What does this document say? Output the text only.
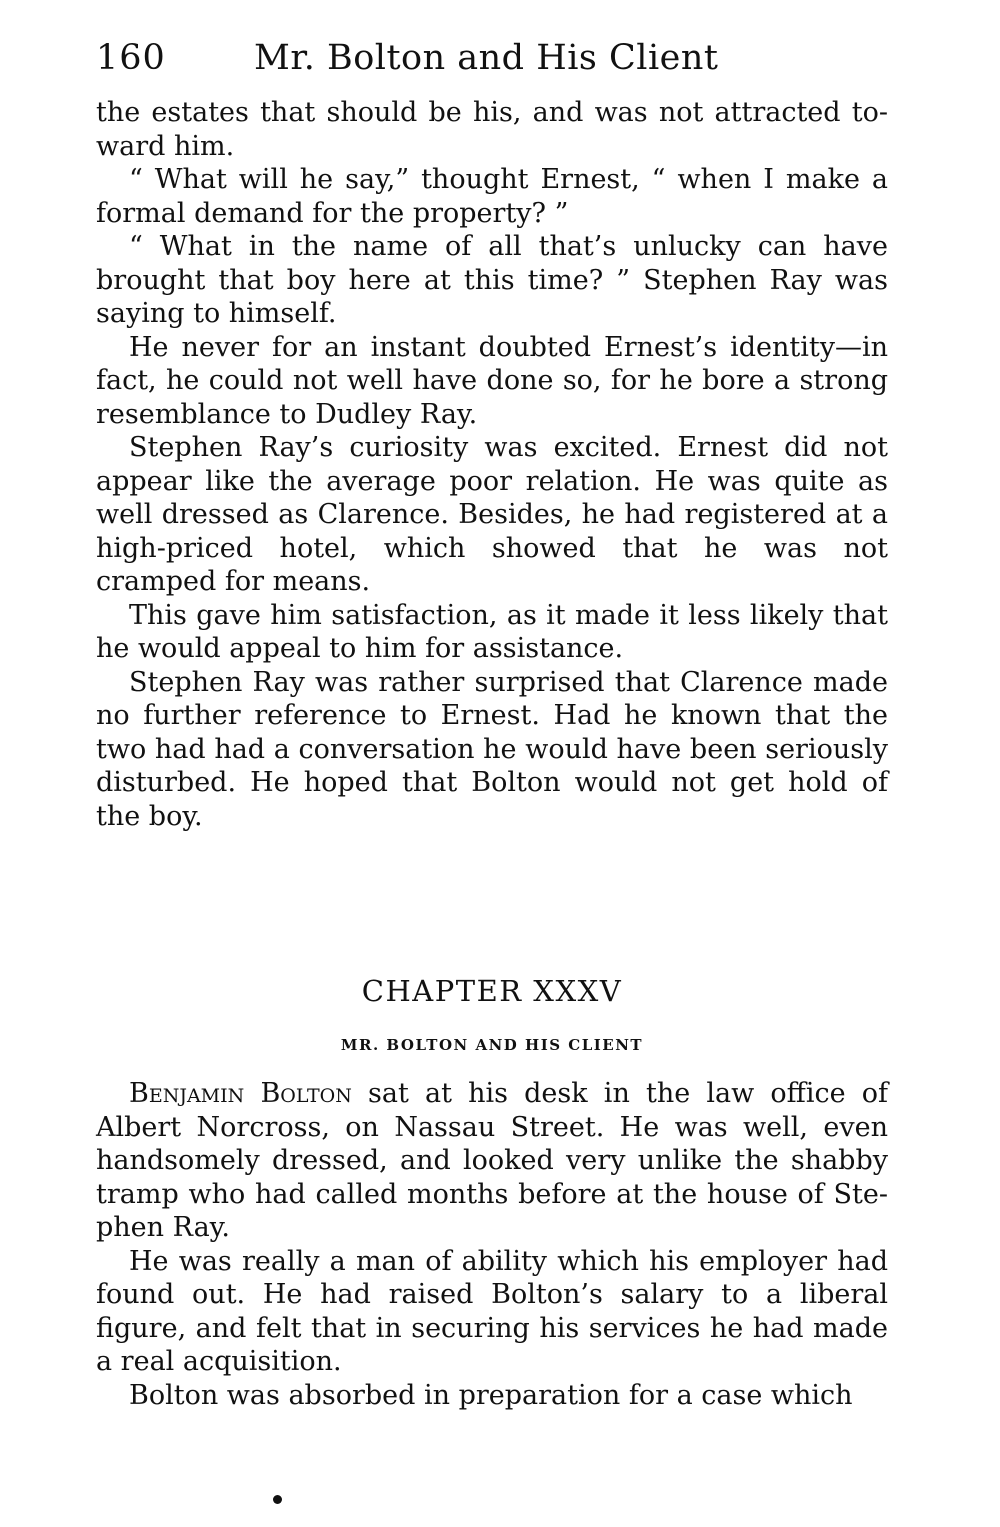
160	Mr. Bolton and His Client

the estates that should be his, and was not attracted to- ward him.

“ What will he say,” thought Ernest, “ when I make a formal demand for the property? ”

“ What in the name of all that’s unlucky can have brought that boy here at this time? ” Stephen Ray was saying to himself.

He never for an instant doubted Ernest’s identity—in fact, he could not well have done so, for he bore a strong resemblance to Dudley Ray.

Stephen Ray’s curiosity was excited. Ernest did not appear like the average poor relation. He was quite as well dressed as Clarence. Besides, he had registered at a high-priced hotel, which showed that he was not cramped for means.

This gave him satisfaction, as it made it less likely that he would appeal to him for assistance.

Stephen Ray was rather surprised that Clarence made no further reference to Ernest. Had he known that the two had had a conversation he would have been seriously disturbed. He hoped that Bolton would not get hold of the boy.

CHAPTER XXXV
MR. BOLTON AND HIS CLIENT

Benjamin Bolton sat at his desk in the law office of Albert Norcross, on Nassau Street. He was well, even handsomely dressed, and looked very unlike the shabby tramp who had called months before at the house of Ste- phen Ray.

He was really a man of ability which his employer had found out. He had raised Bolton’s salary to a liberal figure, and felt that in securing his services he had made a real acquisition.

Bolton was absorbed in preparation for a case which
